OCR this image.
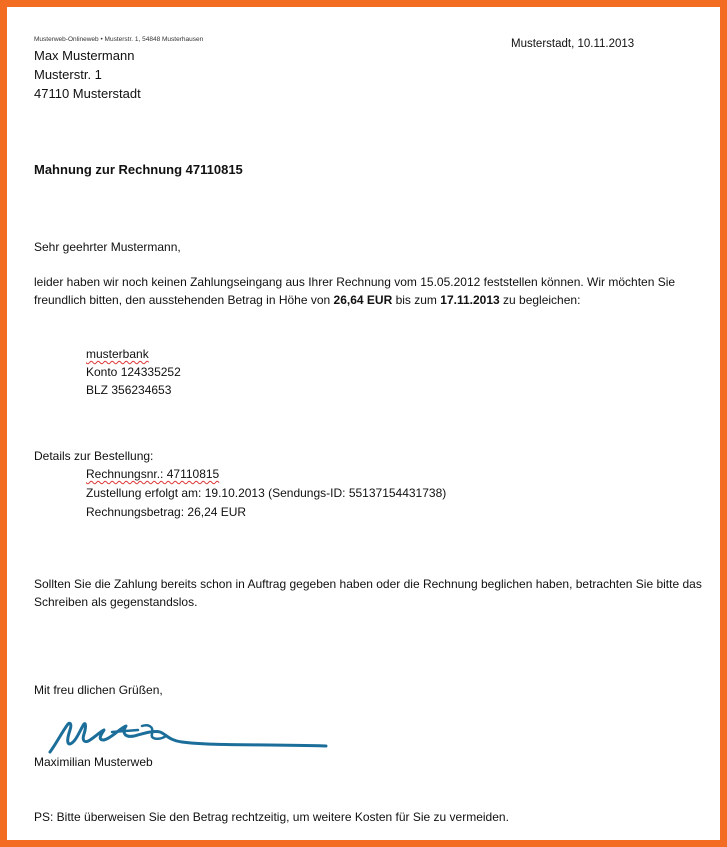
Musterweb-Onlineweb • Musterstr. 1, 54848 Musterhausen
Max Mustermann
Musterstr. 1
47110 Musterstadt
Musterstadt, 10.11.2013
Mahnung zur Rechnung 47110815
Sehr geehrter Mustermann,
leider haben wir noch keinen Zahlungseingang aus Ihrer Rechnung vom 15.05.2012 feststellen können. Wir möchten Sie freundlich bitten, den ausstehenden Betrag in Höhe von 26,64 EUR bis zum 17.11.2013 zu begleichen:
musterbank
Konto 124335252
BLZ 356234653
Details zur Bestellung:
Rechnungsnr.: 47110815
Zustellung erfolgt am: 19.10.2013 (Sendungs-ID: 55137154431738)
Rechnungsbetrag: 26,24 EUR
Sollten Sie die Zahlung bereits schon in Auftrag gegeben haben oder die Rechnung beglichen haben, betrachten Sie bitte das Schreiben als gegenstandslos.
Mit freu dlichen Grüßen,
Maximilian Musterweb
PS: Bitte überweisen Sie den Betrag rechtzeitig, um weitere Kosten für Sie zu vermeiden.
